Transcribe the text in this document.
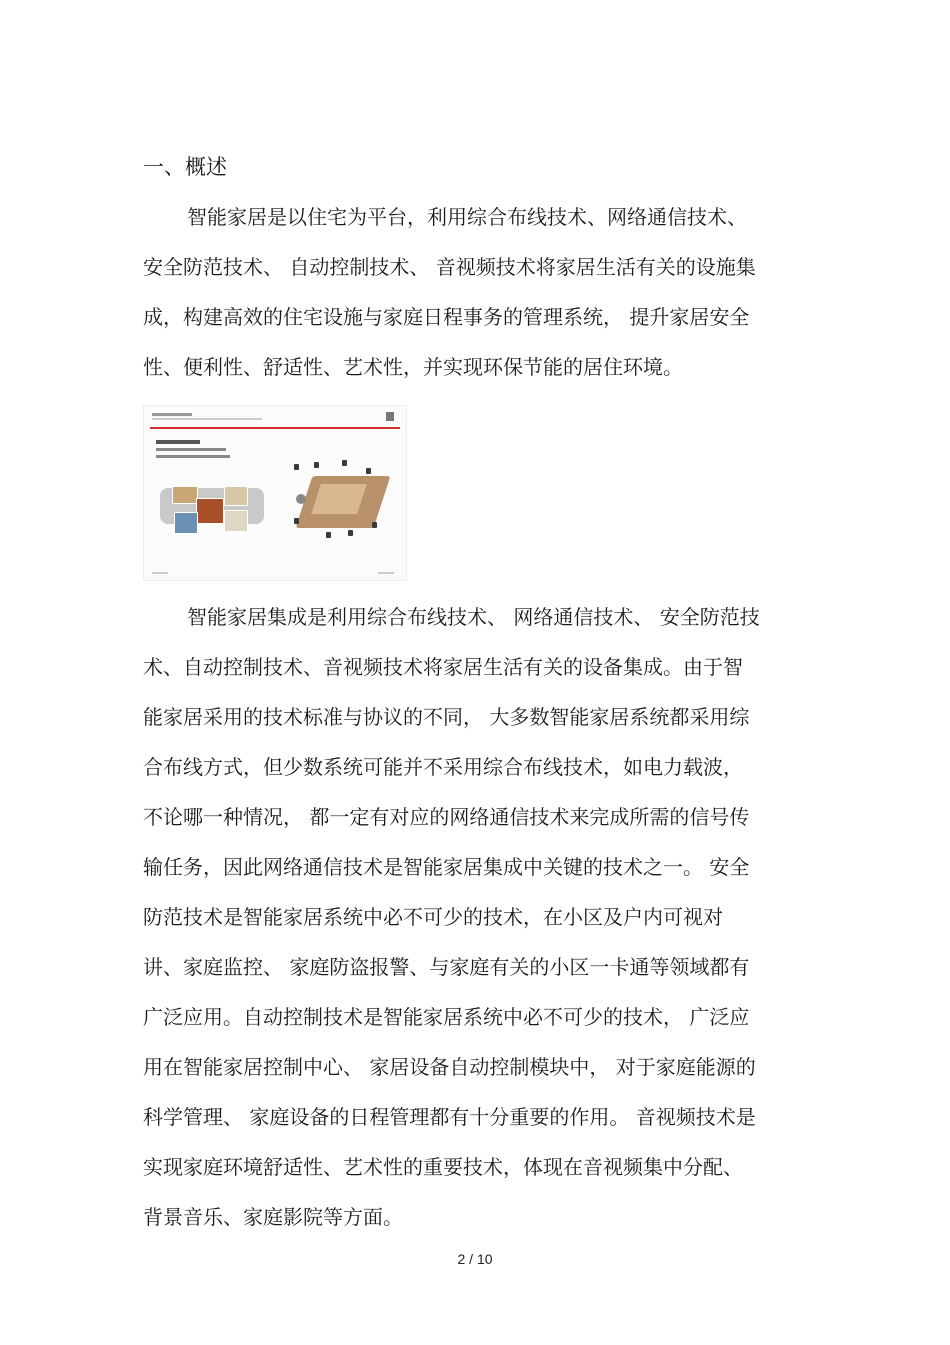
一、概述
智能家居是以住宅为平台，利用综合布线技术、网络通信技术、
安全防范技术、 自动控制技术、 音视频技术将家居生活有关的设施集
成，构建高效的住宅设施与家庭日程事务的管理系统， 提升家居安全
性、便利性、舒适性、艺术性，并实现环保节能的居住环境。
智能家居集成是利用综合布线技术、 网络通信技术、 安全防范技
术、自动控制技术、音视频技术将家居生活有关的设备集成。由于智
能家居采用的技术标准与协议的不同， 大多数智能家居系统都采用综
合布线方式，但少数系统可能并不采用综合布线技术，如电力载波，
不论哪一种情况， 都一定有对应的网络通信技术来完成所需的信号传
输任务，因此网络通信技术是智能家居集成中关键的技术之一。 安全
防范技术是智能家居系统中必不可少的技术，在小区及户内可视对
讲、家庭监控、 家庭防盗报警、与家庭有关的小区一卡通等领域都有
广泛应用。自动控制技术是智能家居系统中必不可少的技术， 广泛应
用在智能家居控制中心、 家居设备自动控制模块中， 对于家庭能源的
科学管理、 家庭设备的日程管理都有十分重要的作用。 音视频技术是
实现家庭环境舒适性、艺术性的重要技术，体现在音视频集中分配、
背景音乐、家庭影院等方面。
2 / 10
